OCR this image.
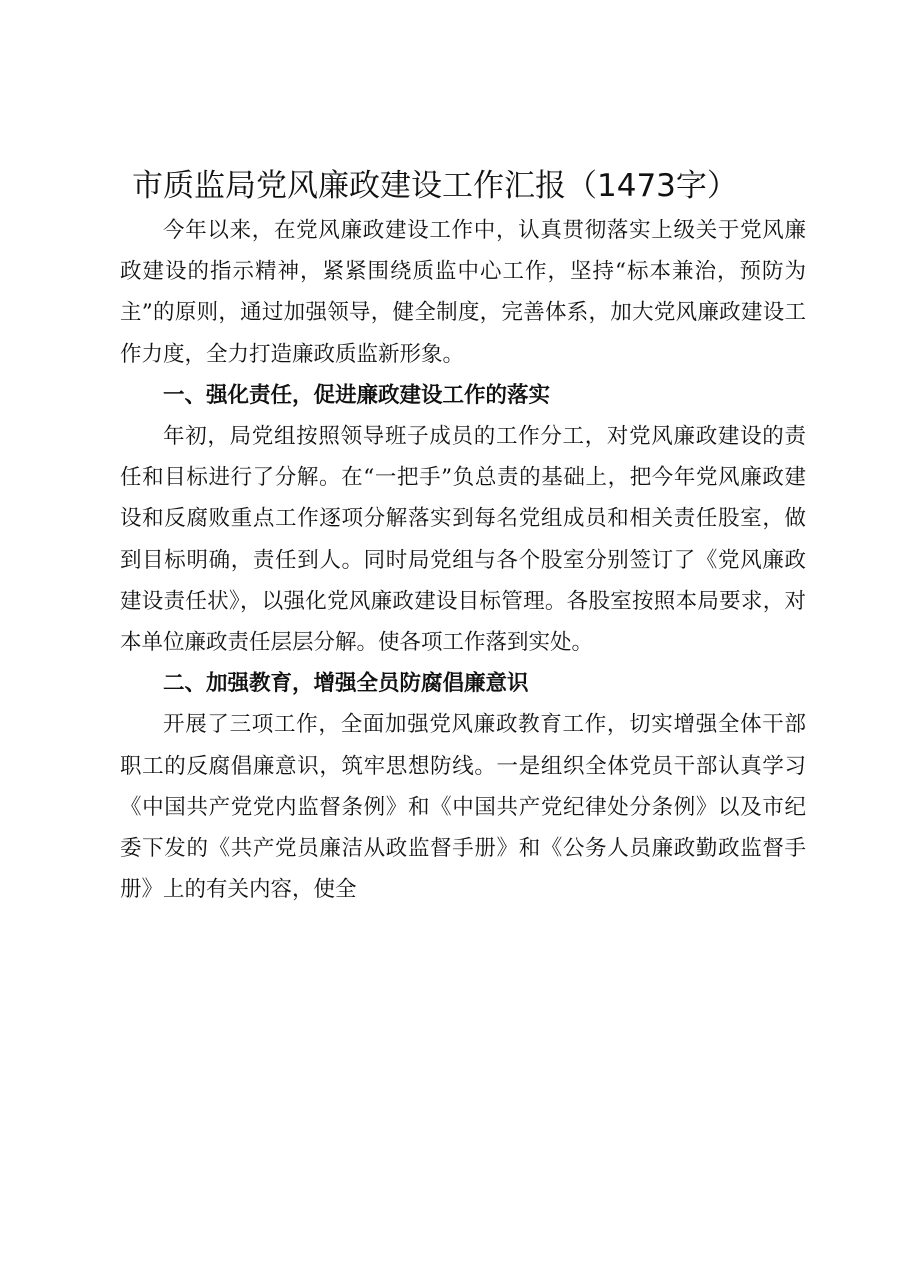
市质监局党风廉政建设工作汇报（1473字）

今年以来，在党风廉政建设工作中，认真贯彻落实上级关于党风廉政建设的指示精神，紧紧围绕质监中心工作，坚持“标本兼治，预防为主”的原则，通过加强领导，健全制度，完善体系，加大党风廉政建设工作力度，全力打造廉政质监新形象。

一、强化责任，促进廉政建设工作的落实

年初，局党组按照领导班子成员的工作分工，对党风廉政建设的责任和目标进行了分解。在“一把手”负总责的基础上，把今年党风廉政建设和反腐败重点工作逐项分解落实到每名党组成员和相关责任股室，做到目标明确，责任到人。同时局党组与各个股室分别签订了《党风廉政建设责任状》，以强化党风廉政建设目标管理。各股室按照本局要求，对本单位廉政责任层层分解。使各项工作落到实处。

二、加强教育，增强全员防腐倡廉意识

开展了三项工作，全面加强党风廉政教育工作，切实增强全体干部职工的反腐倡廉意识，筑牢思想防线。一是组织全体党员干部认真学习《中国共产党党内监督条例》和《中国共产党纪律处分条例》以及市纪委下发的《共产党员廉洁从政监督手册》和《公务人员廉政勤政监督手册》上的有关内容，使全
